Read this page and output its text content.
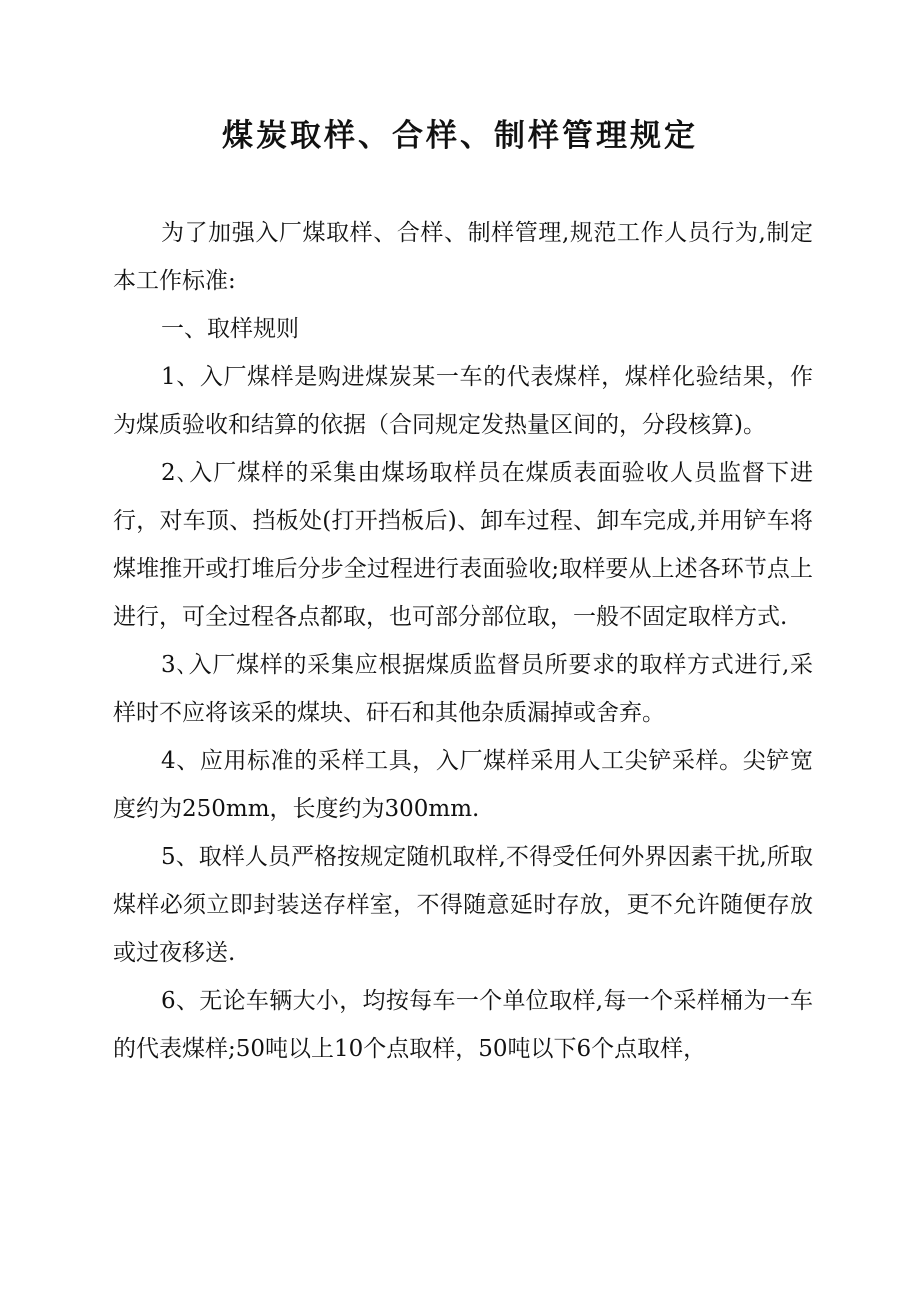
煤炭取样、合样、制样管理规定

为了加强入厂煤取样、合样、制样管理,规范工作人员行为,制定本工作标准:

一、取样规则

1、入厂煤样是购进煤炭某一车的代表煤样，煤样化验结果，作为煤质验收和结算的依据（合同规定发热量区间的，分段核算)。

2､入厂煤样的采集由煤场取样员在煤质表面验收人员监督下进行，对车顶、挡板处(打开挡板后)、卸车过程、卸车完成,并用铲车将煤堆推开或打堆后分步全过程进行表面验收;取样要从上述各环节点上进行，可全过程各点都取，也可部分部位取，一般不固定取样方式.

3､入厂煤样的采集应根据煤质监督员所要求的取样方式进行,采样时不应将该采的煤块、矸石和其他杂质漏掉或舍弃。

4、应用标准的采样工具，入厂煤样采用人工尖铲采样。尖铲宽度约为250mm，长度约为300mm.

5、取样人员严格按规定随机取样,不得受任何外界因素干扰,所取煤样必须立即封装送存样室，不得随意延时存放，更不允许随便存放或过夜移送.

6、无论车辆大小，均按每车一个单位取样,每一个采样桶为一车的代表煤样;50吨以上10个点取样，50吨以下6个点取样，
